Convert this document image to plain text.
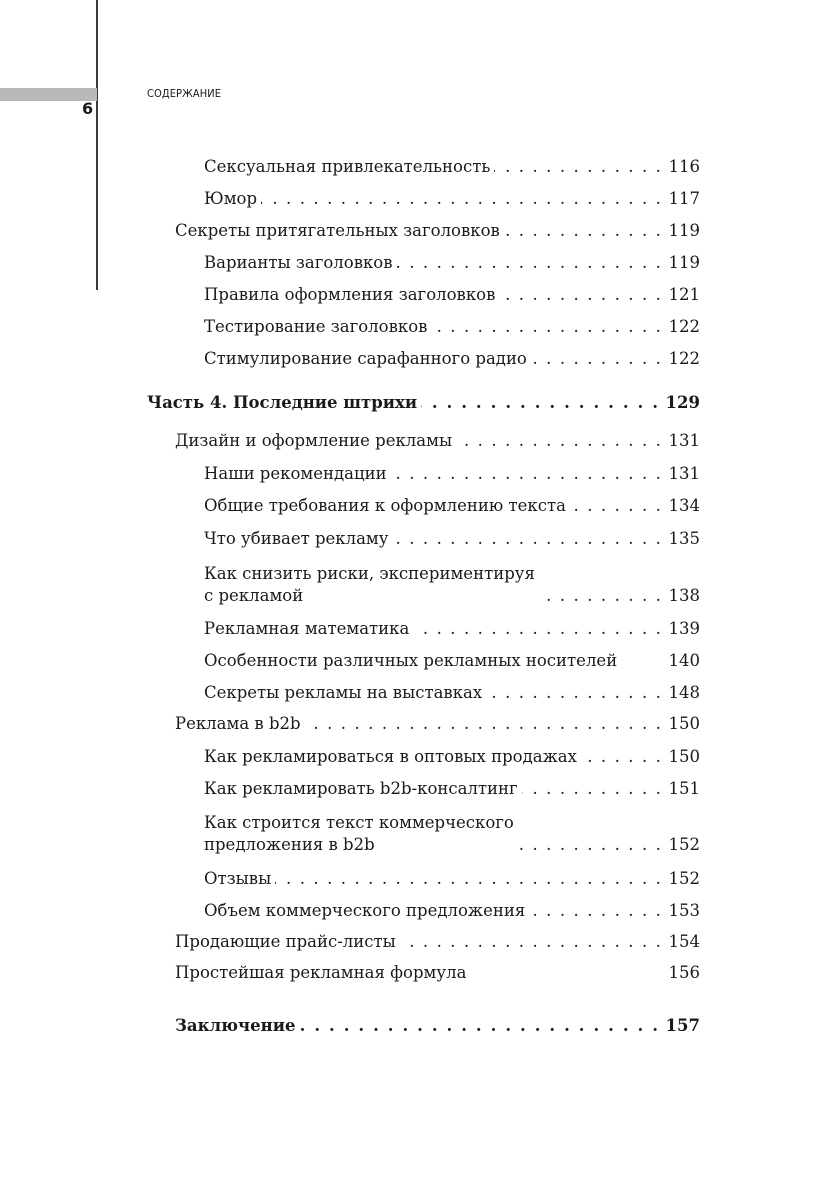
6
СОДЕРЖАНИЕ
Сексуальная привлекательность . . .	116
Юмор . . .	117
Секреты притягательных заголовков . . .	119
Варианты заголовков . . .	119
Правила оформления заголовков . . .	121
Тестирование заголовков . . .	122
Стимулирование сарафанного радио . . .	122
Часть 4. Последние штрихи . . .	129
Дизайн и оформление рекламы . . .	131
Наши рекомендации . . .	131
Общие требования к оформлению текста . . .	134
Что убивает рекламу . . .	135
Как снизить риски, экспериментируя
с рекламой . . .	138
Рекламная математика . . .	139
Особенности различных рекламных носителей	140
Секреты рекламы на выставках . . .	148
Реклама в b2b . . .	150
Как рекламироваться в оптовых продажах . . .	150
Как рекламировать b2b-консалтинг . . .	151
Как строится текст коммерческого
предложения в b2b . . .	152
Отзывы . . .	152
Объем коммерческого предложения . . .	153
Продающие прайс-листы . . .	154
Простейшая рекламная формула	156
Заключение . . .	157
